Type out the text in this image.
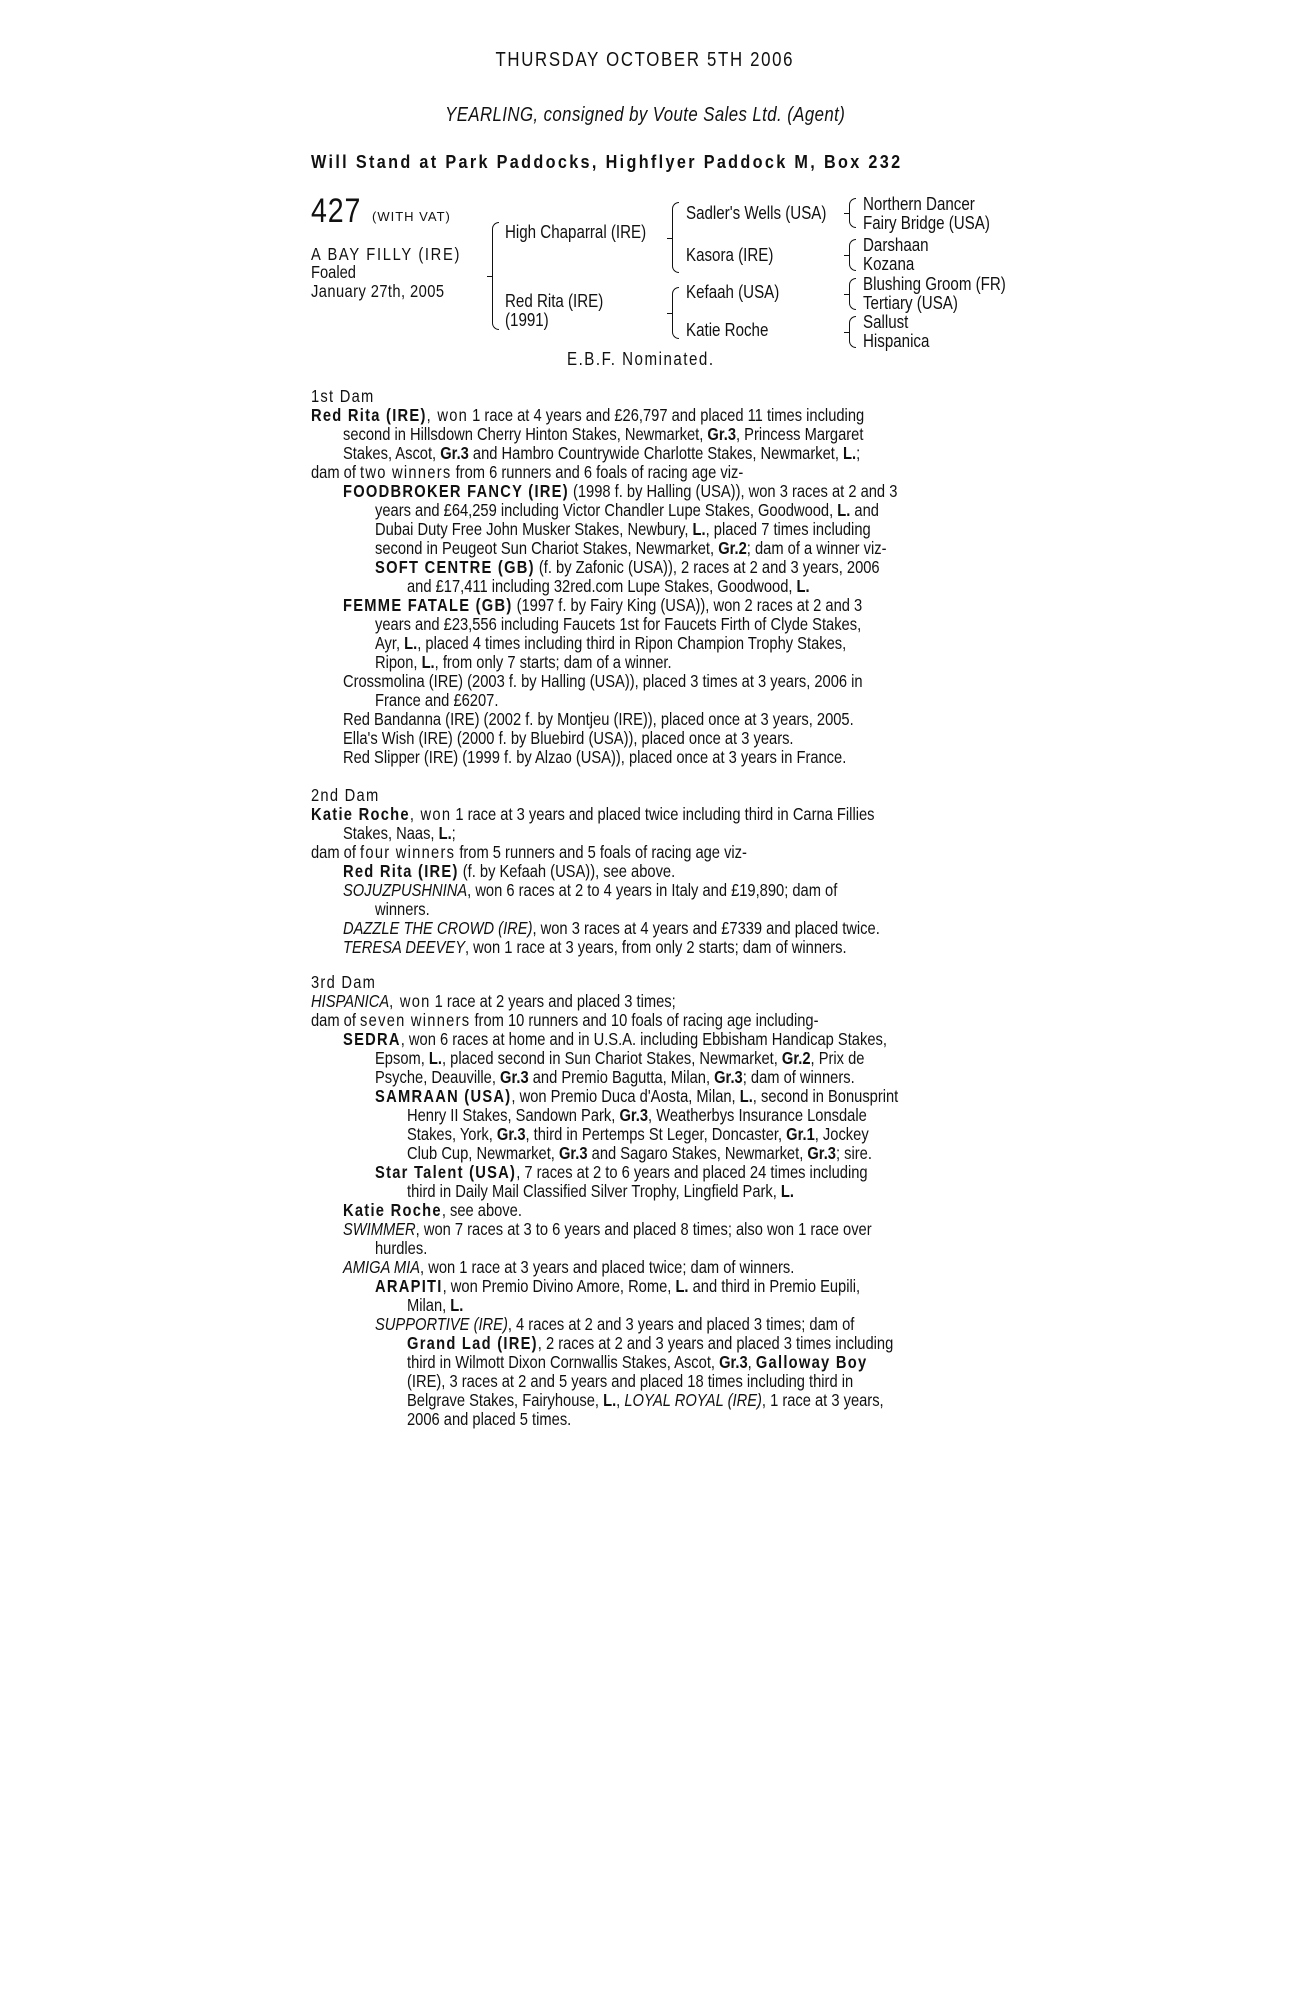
THURSDAY OCTOBER 5TH 2006
YEARLING, consigned by Voute Sales Ltd. (Agent)
Will Stand at Park Paddocks, Highflyer Paddock M, Box 232
427 (WITH VAT)
A BAY FILLY (IRE)
Foaled
January 27th, 2005
High Chaparral (IRE)
Red Rita (IRE)
(1991)
Sadler's Wells (USA)
Kasora (IRE)
Kefaah (USA)
Katie Roche
Northern Dancer
Fairy Bridge (USA)
Darshaan
Kozana
Blushing Groom (FR)
Tertiary (USA)
Sallust
Hispanica
E.B.F. Nominated.
1st Dam
Red Rita (IRE), won 1 race at 4 years and £26,797 and placed 11 times including
second in Hillsdown Cherry Hinton Stakes, Newmarket, Gr.3, Princess Margaret
Stakes, Ascot, Gr.3 and Hambro Countrywide Charlotte Stakes, Newmarket, L.;
dam of two winners from 6 runners and 6 foals of racing age viz-
FOODBROKER FANCY (IRE) (1998 f. by Halling (USA)), won 3 races at 2 and 3
years and £64,259 including Victor Chandler Lupe Stakes, Goodwood, L. and
Dubai Duty Free John Musker Stakes, Newbury, L., placed 7 times including
second in Peugeot Sun Chariot Stakes, Newmarket, Gr.2; dam of a winner viz-
SOFT CENTRE (GB) (f. by Zafonic (USA)), 2 races at 2 and 3 years, 2006
and £17,411 including 32red.com Lupe Stakes, Goodwood, L.
FEMME FATALE (GB) (1997 f. by Fairy King (USA)), won 2 races at 2 and 3
years and £23,556 including Faucets 1st for Faucets Firth of Clyde Stakes,
Ayr, L., placed 4 times including third in Ripon Champion Trophy Stakes,
Ripon, L., from only 7 starts; dam of a winner.
Crossmolina (IRE) (2003 f. by Halling (USA)), placed 3 times at 3 years, 2006 in
France and £6207.
Red Bandanna (IRE) (2002 f. by Montjeu (IRE)), placed once at 3 years, 2005.
Ella's Wish (IRE) (2000 f. by Bluebird (USA)), placed once at 3 years.
Red Slipper (IRE) (1999 f. by Alzao (USA)), placed once at 3 years in France.
2nd Dam
Katie Roche, won 1 race at 3 years and placed twice including third in Carna Fillies
Stakes, Naas, L.;
dam of four winners from 5 runners and 5 foals of racing age viz-
Red Rita (IRE) (f. by Kefaah (USA)), see above.
SOJUZPUSHNINA, won 6 races at 2 to 4 years in Italy and £19,890; dam of
winners.
DAZZLE THE CROWD (IRE), won 3 races at 4 years and £7339 and placed twice.
TERESA DEEVEY, won 1 race at 3 years, from only 2 starts; dam of winners.
3rd Dam
HISPANICA, won 1 race at 2 years and placed 3 times;
dam of seven winners from 10 runners and 10 foals of racing age including-
SEDRA, won 6 races at home and in U.S.A. including Ebbisham Handicap Stakes,
Epsom, L., placed second in Sun Chariot Stakes, Newmarket, Gr.2, Prix de
Psyche, Deauville, Gr.3 and Premio Bagutta, Milan, Gr.3; dam of winners.
SAMRAAN (USA), won Premio Duca d'Aosta, Milan, L., second in Bonusprint
Henry II Stakes, Sandown Park, Gr.3, Weatherbys Insurance Lonsdale
Stakes, York, Gr.3, third in Pertemps St Leger, Doncaster, Gr.1, Jockey
Club Cup, Newmarket, Gr.3 and Sagaro Stakes, Newmarket, Gr.3; sire.
Star Talent (USA), 7 races at 2 to 6 years and placed 24 times including
third in Daily Mail Classified Silver Trophy, Lingfield Park, L.
Katie Roche, see above.
SWIMMER, won 7 races at 3 to 6 years and placed 8 times; also won 1 race over
hurdles.
AMIGA MIA, won 1 race at 3 years and placed twice; dam of winners.
ARAPITI, won Premio Divino Amore, Rome, L. and third in Premio Eupili,
Milan, L.
SUPPORTIVE (IRE), 4 races at 2 and 3 years and placed 3 times; dam of
Grand Lad (IRE), 2 races at 2 and 3 years and placed 3 times including
third in Wilmott Dixon Cornwallis Stakes, Ascot, Gr.3, Galloway Boy
(IRE), 3 races at 2 and 5 years and placed 18 times including third in
Belgrave Stakes, Fairyhouse, L., LOYAL ROYAL (IRE), 1 race at 3 years,
2006 and placed 5 times.
